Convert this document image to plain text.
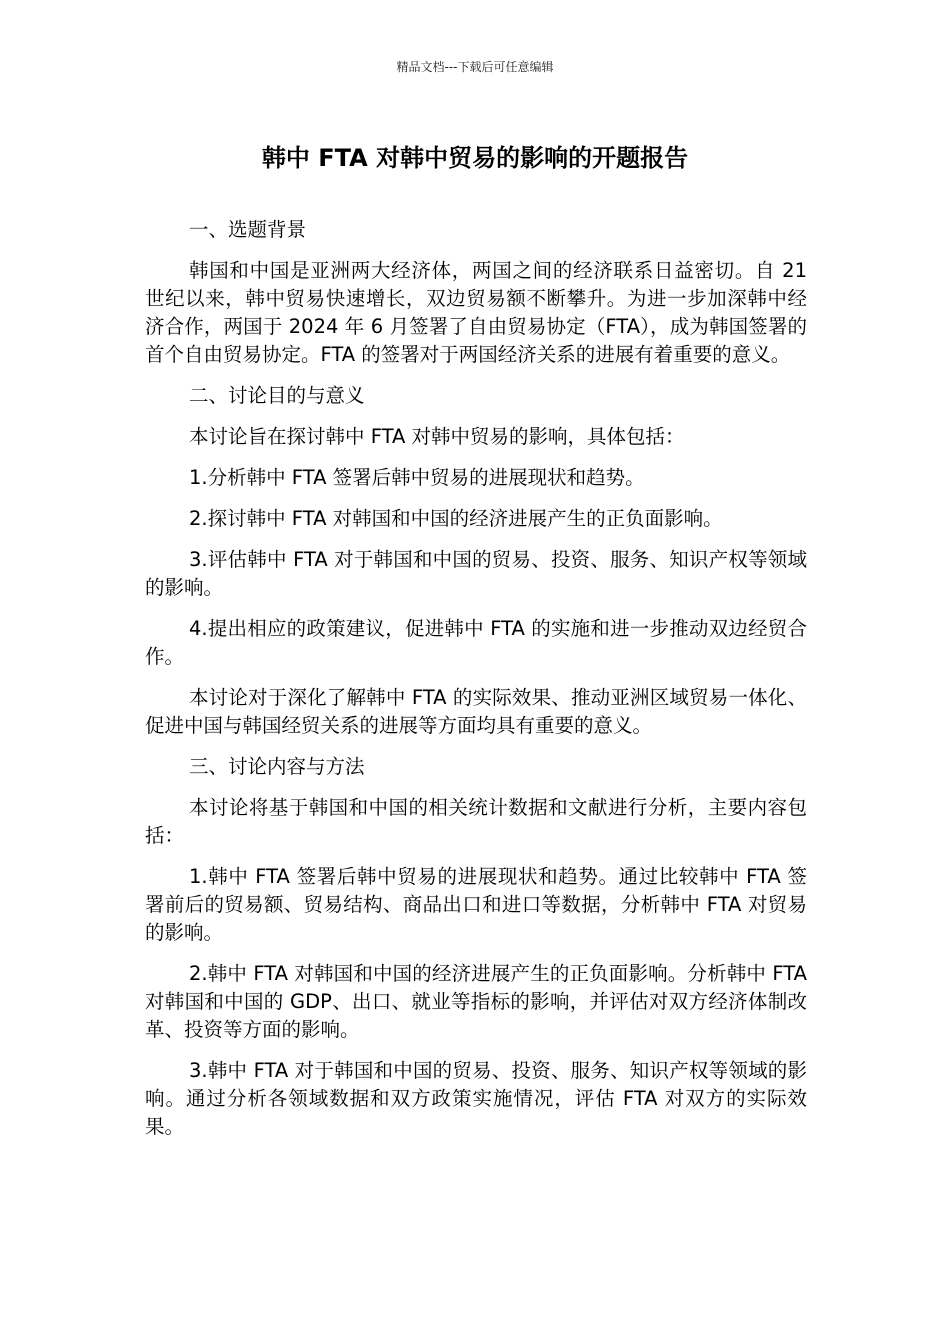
精品文档---下载后可任意编辑
韩中 FTA 对韩中贸易的影响的开题报告

一、选题背景

韩国和中国是亚洲两大经济体，两国之间的经济联系日益密切。自 21 世纪以来，韩中贸易快速增长，双边贸易额不断攀升。为进一步加深韩中经济合作，两国于 2024 年 6 月签署了自由贸易协定（FTA），成为韩国签署的首个自由贸易协定。FTA 的签署对于两国经济关系的进展有着重要的意义。

二、讨论目的与意义

本讨论旨在探讨韩中 FTA 对韩中贸易的影响，具体包括：

1.分析韩中 FTA 签署后韩中贸易的进展现状和趋势。

2.探讨韩中 FTA 对韩国和中国的经济进展产生的正负面影响。

3.评估韩中 FTA 对于韩国和中国的贸易、投资、服务、知识产权等领域的影响。

4.提出相应的政策建议，促进韩中 FTA 的实施和进一步推动双边经贸合作。

本讨论对于深化了解韩中 FTA 的实际效果、推动亚洲区域贸易一体化、促进中国与韩国经贸关系的进展等方面均具有重要的意义。

三、讨论内容与方法

本讨论将基于韩国和中国的相关统计数据和文献进行分析，主要内容包括：

1.韩中 FTA 签署后韩中贸易的进展现状和趋势。通过比较韩中 FTA 签署前后的贸易额、贸易结构、商品出口和进口等数据，分析韩中 FTA 对贸易的影响。

2.韩中 FTA 对韩国和中国的经济进展产生的正负面影响。分析韩中 FTA 对韩国和中国的 GDP、出口、就业等指标的影响，并评估对双方经济体制改革、投资等方面的影响。

3.韩中 FTA 对于韩国和中国的贸易、投资、服务、知识产权等领域的影响。通过分析各领域数据和双方政策实施情况，评估 FTA 对双方的实际效果。
